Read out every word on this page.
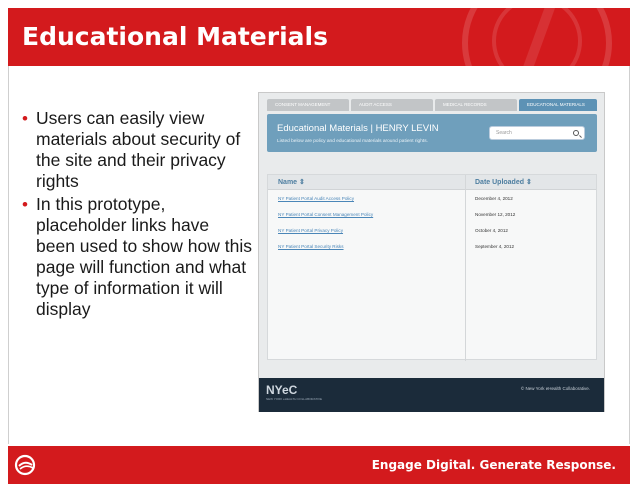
Educational Materials
• Users can easily view materials about security of the site and their privacy rights
• In this prototype, placeholder links have been used to show how this page will function and what type of information it will display
CONSENT MANAGEMENT	AUDIT ACCESS	MEDICAL RECORDS	EDUCATIONAL MATERIALS
Educational Materials | HENRY LEVIN
Listed below are policy and educational materials around patient rights.
Search
Name ⇕	Date Uploaded ⇕
NY Patient Portal Audit Access Policy	December 4, 2012
NY Patient Portal Consent Management Policy	November 12, 2012
NY Patient Portal Privacy Policy	October 4, 2012
NY Patient Portal Security Risks	September 4, 2012
NYeC
NEW YORK eHEALTH COLLABORATIVE
© New York eHealth Collaborative.
Engage Digital. Generate Response.
